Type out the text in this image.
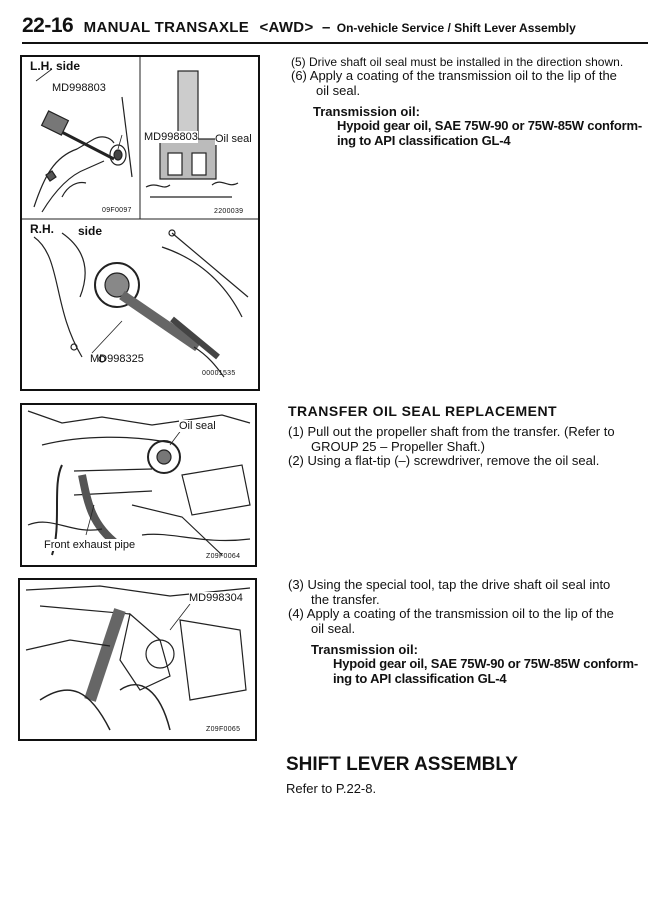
22-16 MANUAL TRANSAXLE <AWD> – On-vehicle Service / Shift Lever Assembly
L.H. side
MD998803
09F0097
MD998803 Oil seal
2200039
R.H. side
MD998325
00001535
Oil seal
Front exhaust pipe
Z09F0064
MD998304
Z09F0065
(5) Drive shaft oil seal must be installed in the direction shown.
(6) Apply a coating of the transmission oil to the lip of the
oil seal.
Transmission oil:
Hypoid gear oil, SAE 75W-90 or 75W-85W conform-
ing to API classification GL-4
TRANSFER OIL SEAL REPLACEMENT
(1) Pull out the propeller shaft from the transfer. (Refer to
GROUP 25 – Propeller Shaft.)
(2) Using a flat-tip (–) screwdriver, remove the oil seal.
(3) Using the special tool, tap the drive shaft oil seal into
the transfer.
(4) Apply a coating of the transmission oil to the lip of the
oil seal.
Transmission oil:
Hypoid gear oil, SAE 75W-90 or 75W-85W conform-
ing to API classification GL-4
SHIFT LEVER ASSEMBLY
Refer to P.22-8.
